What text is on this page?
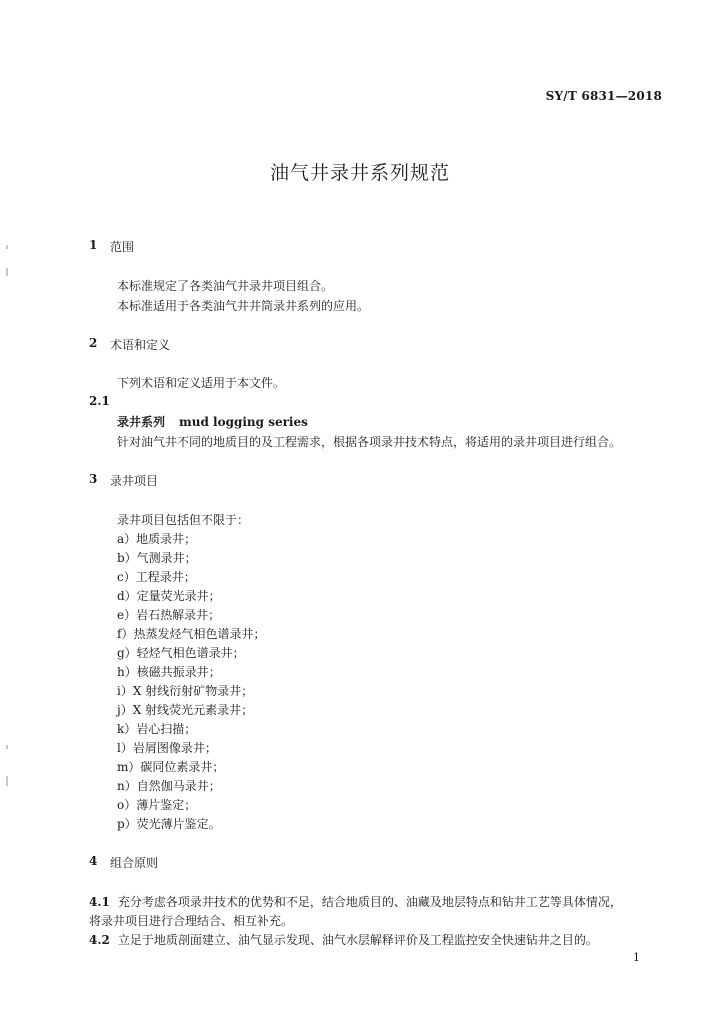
SY/T 6831—2018
油气井录井系列规范
1 范围
本标准规定了各类油气井录井项目组合。
本标准适用于各类油气井井筒录井系列的应用。
2 术语和定义
下列术语和定义适用于本文件。
2.1
录井系列 mud logging series
针对油气井不同的地质目的及工程需求，根据各项录井技术特点，将适用的录井项目进行组合。
3 录井项目
录井项目包括但不限于：
a）地质录井；
b）气测录井；
c）工程录井；
d）定量荧光录井；
e）岩石热解录井；
f）热蒸发烃气相色谱录井；
g）轻烃气相色谱录井；
h）核磁共振录井；
i）X 射线衍射矿物录井；
j）X 射线荧光元素录井；
k）岩心扫描；
l）岩屑图像录井；
m）碳同位素录井；
n）自然伽马录井；
o）薄片鉴定；
p）荧光薄片鉴定。
4 组合原则
4.1 充分考虑各项录井技术的优势和不足，结合地质目的、油藏及地层特点和钻井工艺等具体情况，
将录井项目进行合理结合、相互补充。
4.2 立足于地质剖面建立、油气显示发现、油气水层解释评价及工程监控安全快速钻井之目的。
1
